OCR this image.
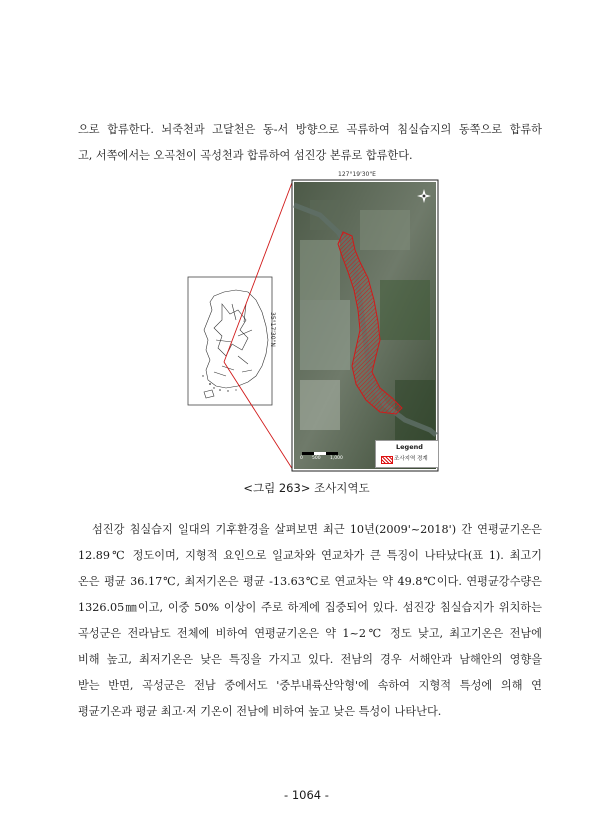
으로 합류한다. 뇌죽천과 고달천은 동-서 방향으로 곡류하여 침실습지의 동쪽으로 합류하
고, 서쪽에서는 오곡천이 곡성천과 합류하여 섬진강 본류로 합류한다.

127°19'30"E
35°17'30"N
0 500 1,000
Legend
조사지역 경계
<그림 263> 조사지역도

섬진강 침실습지 일대의 기후환경을 살펴보면 최근 10년(2009'~2018') 간 연평균기온은
12.89℃ 정도이며, 지형적 요인으로 일교차와 연교차가 큰 특징이 나타났다(표 1). 최고기
온은 평균 36.17℃, 최저기온은 평균 -13.63℃로 연교차는 약 49.8℃이다. 연평균강수량은
1326.05㎜이고, 이중 50% 이상이 주로 하계에 집중되어 있다. 섬진강 침실습지가 위치하는
곡성군은 전라남도 전체에 비하여 연평균기온은 약 1~2℃ 정도 낮고, 최고기온은 전남에
비해 높고, 최저기온은 낮은 특징을 가지고 있다. 전남의 경우 서해안과 남해안의 영향을
받는 반면, 곡성군은 전남 중에서도 '중부내륙산악형'에 속하여 지형적 특성에 의해 연
평균기온과 평균 최고·저 기온이 전남에 비하여 높고 낮은 특성이 나타난다.

- 1064 -
